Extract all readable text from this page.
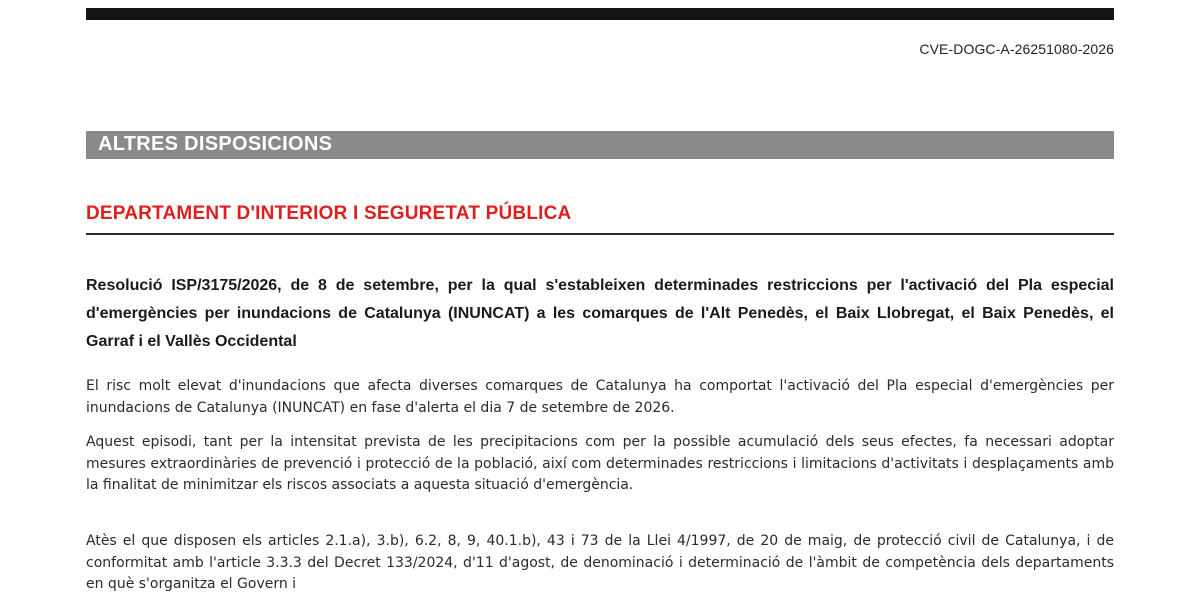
CVE-DOGC-A-26251080-2026
ALTRES DISPOSICIONS
DEPARTAMENT D'INTERIOR I SEGURETAT PÚBLICA
Resolució ISP/3175/2026, de 8 de setembre, per la qual s'estableixen determinades restriccions per l'activació del Pla especial d'emergències per inundacions de Catalunya (INUNCAT) a les comarques de l'Alt Penedès, el Baix Llobregat, el Baix Penedès, el Garraf i el Vallès Occidental
El risc molt elevat d'inundacions que afecta diverses comarques de Catalunya ha comportat l'activació del Pla especial d'emergències per inundacions de Catalunya (INUNCAT) en fase d'alerta el dia 7 de setembre de 2026.
Aquest episodi, tant per la intensitat prevista de les precipitacions com per la possible acumulació dels seus efectes, fa necessari adoptar mesures extraordinàries de prevenció i protecció de la població, així com determinades restriccions i limitacions d'activitats i desplaçaments amb la finalitat de minimitzar els riscos associats a aquesta situació d'emergència.
Atès el que disposen els articles 2.1.a), 3.b), 6.2, 8, 9, 40.1.b), 43 i 73 de la Llei 4/1997, de 20 de maig, de protecció civil de Catalunya, i de conformitat amb l'article 3.3.3 del Decret 133/2024, d'11 d'agost, de denominació i determinació de l'àmbit de competència dels departaments en què s'organitza el Govern i
